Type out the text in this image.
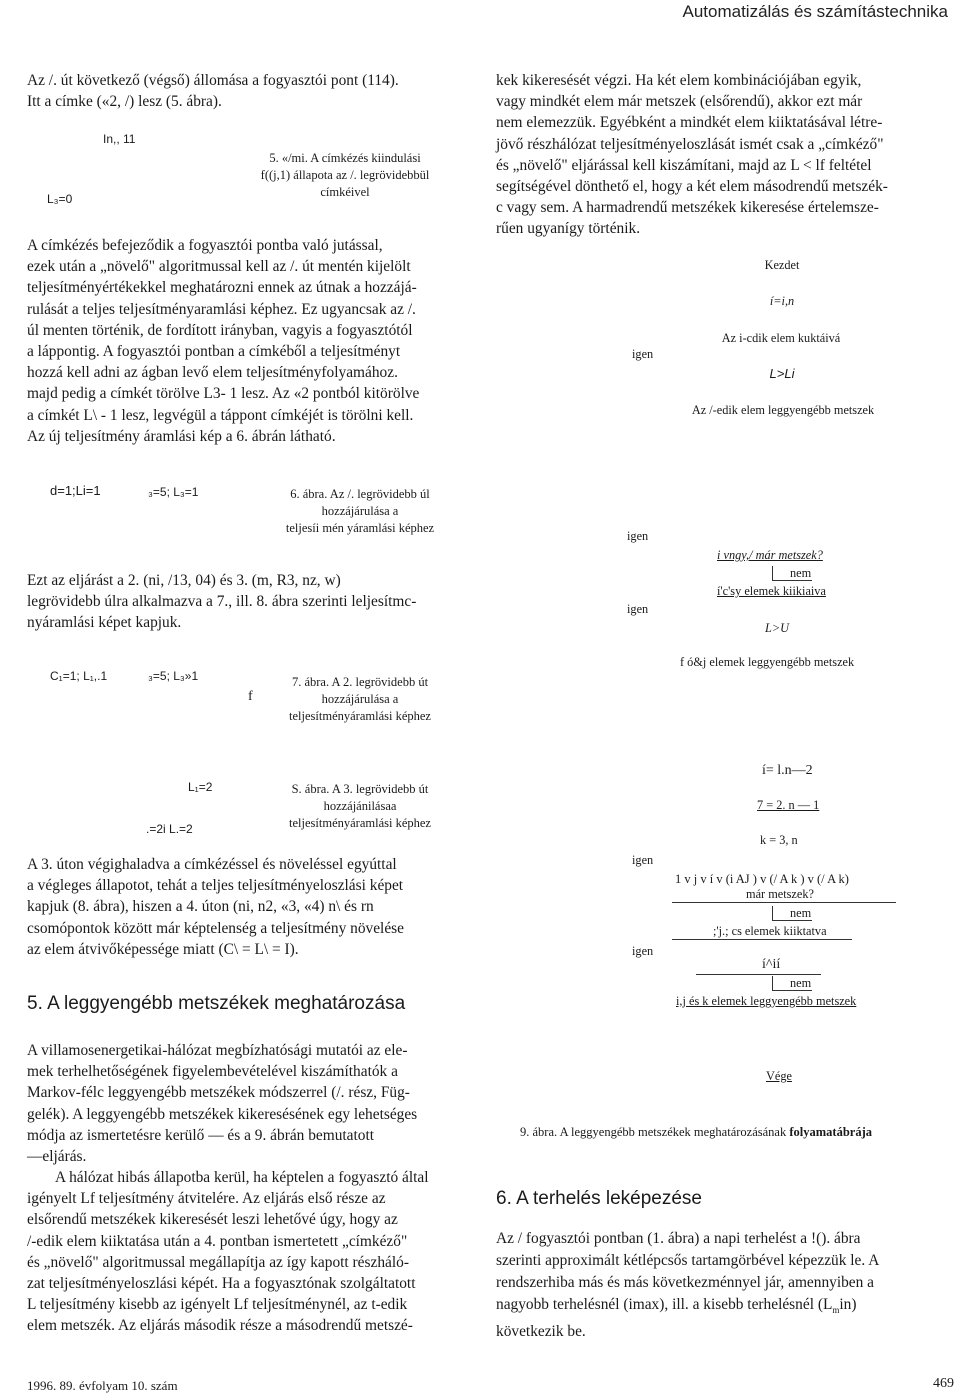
Automatizálás és számítástechnika
Az /. út következő (végső) állomása a fogyasztói pont (114).
Itt a címke («2, /) lesz (5. ábra).
In,, 11
L₃=0
5. «/mi. A címkézés kiindulási
f((j,1) állapota az /. legrövidebbül
címkéivel
A címkézés befejeződik a fogyasztói pontba való jutással,
ezek után a „növelő" algoritmussal kell az /. út mentén kijelölt
teljesítményértékekkel meghatározni ennek az útnak a hozzájá-
rulását a teljes teljesítményaramlási képhez. Ez ugyancsak az /.
úl menten történik, de fordított irányban, vagyis a fogyasztótól
a láppontig. A fogyasztói pontban a címkéből a teljesítményt
hozzá kell adni az ágban levő elem teljesítményfolyamához.
majd pedig a címkét törölve L3- 1 lesz. Az «2 pontból kitörölve
a címkét L\ - 1 lesz, legvégül a táppont címkéjét is törölni kell.
Az új teljesítmény áramlási kép a 6. ábrán látható.
d=1;Li=1	₃=5; L₃=1	6. ábra. Az /. legrövidebb úl
hozzájárulása a
teljesíi mén yáramlási képhez
Ezt az eljárást a 2. (ni, /13, 04) és 3. (m, R3, nz, w)
legrövidebb úlra alkalmazva a 7., ill. 8. ábra szerinti leljesítmc-
nyáramlási képet kapjuk.
C₁=1; L₁,.1	₃=5; L₃»1
f
7. ábra. A 2. legrövidebb út
hozzájárulása a
teljesítményáramlási képhez
L₁=2
.=2i L.=2
S. ábra. A 3. legrövidebb út
hozzájánilásaa
teljesítményáramlási képhez
A 3. úton végighaladva a címkézéssel és növeléssel egyúttal
a végleges állapotot, tehát a teljes teljesítményeloszlási képet
kapjuk (8. ábra), hiszen a 4. úton (ni, n2, «3, «4) n\ és rn
csomópontok között már képtelenség a teljesítmény növelése
az elem átvivőképessége miatt (C\ = L\ = I).
5. A leggyengébb metszékek meghatározása
A villamosenergetikai-hálózat megbízhatósági mutatói az ele-
mek terhelhetőségének figyelembevételével kiszámíthatók a
Markov-félc leggyengébb metszékek módszerrel (/. rész, Füg-
gelék). A leggyengébb metszékek kikeresésének egy lehetséges
módja az ismertetésre kerülő — és a 9. ábrán bemutatott
—eljárás.
A hálózat hibás állapotba kerül, ha képtelen a fogyasztó által
igényelt Lf teljesítmény átvitelére. Az eljárás első része az
elsőrendű metszékek kikeresését leszi lehetővé úgy, hogy az
/-edik elem kiiktatása után a 4. pontban ismertetett „címkéző"
és „növelő" algoritmussal megállapítja az így kapott részháló-
zat teljesítményeloszlási képét. Ha a fogyasztónak szolgáltatott
L teljesítmény kisebb az igényelt Lf teljesítménynél, az t-edik
elem metszék. Az eljárás második része a másodrendű metszé-
kek kikeresését végzi. Ha két elem kombinációjában egyik,
vagy mindkét elem már metszek (elsőrendű), akkor ezt már
nem elemezzük. Egyébként a mindkét elem kiiktatásával létre-
jövő részhálózat teljesítményeloszlását ismét csak a „címkéző"
és „növelő" eljárással kell kiszámítani, majd az L < lf feltétel
segítségével dönthető el, hogy a két elem másodrendű metszék-
c vagy sem. A harmadrendű metszékek kikeresése értelemsze-
rűen ugyanígy történik.
Kezdet
í=i,n
Az i-cdik elem kuktáivá
igen
L>Li
Az /-edik elem leggyengébb metszek
igen
i vngy,/ már metszek?
nem
í'c'sy elemek kiikiaiva
igen
L>U
f ó&j elemek leggyengébb metszek
í= l.n—2
7 = 2. n — 1
k = 3, n
igen
1 v j v í v (i AJ ) v (/ A k ) v (/ A k)
már metszek?
nem
;'j.; cs elemek kiiktatva
igen
í^ií
nem
i,j és k elemek leggyengébb metszek
Vége
9. ábra. A leggyengébb metszékek meghatározásának folyamatábrája
6. A terhelés leképezése
Az / fogyasztói pontban (1. ábra) a napi terhelést a !(). ábra
szerinti approximált kétlépcsős tartamgörbével képezzük le. A
rendszerhiba más és más következménnyel jár, amennyiben a
nagyobb terhelésnél (imax), ill. a kisebb terhelésnél $(L_min)$
következik be.
1996. 89. évfolyam 10. szám	469
